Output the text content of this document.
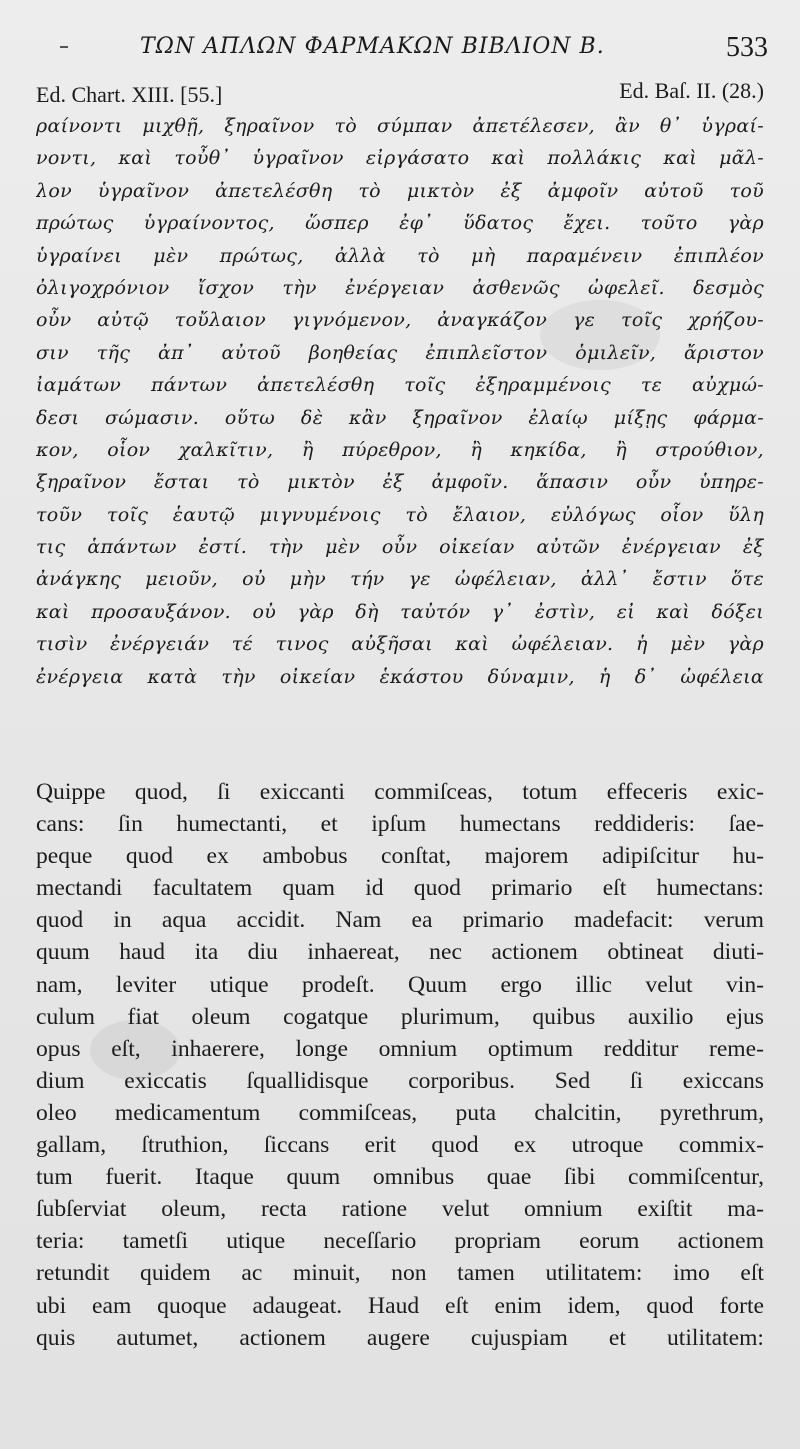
ΤΩΝ ΑΠΛΩΝ ΦΑΡΜΑΚΩΝ ΒΙΒΛΙΟΝ Β.	533
Ed. Chart. XIII. [55.]	Ed. Baſ. II. (28.)
ραίνοντι μιχθῇ, ξηραῖνον τὸ σύμπαν ἀπετέλεσεν, ἂν θ᾽ ὑγραί-
νοντι, καὶ τοὖθ᾽ ὑγραῖνον εἰργάσατο καὶ πολλάκις καὶ μᾶλ-
λον ὑγραῖνον ἀπετελέσθη τὸ μικτὸν ἐξ ἀμφοῖν αὐτοῦ τοῦ
πρώτως ὑγραίνοντος, ὥσπερ ἐφ᾽ ὕδατος ἔχει. τοῦτο γὰρ
ὑγραίνει μὲν πρώτως, ἀλλὰ τὸ μὴ παραμένειν ἐπιπλέον
ὀλιγοχρόνιον ἴσχον τὴν ἐνέργειαν ἀσθενῶς ὠφελεῖ. δεσμὸς
οὖν αὐτῷ τοὔλαιον γιγνόμενον, ἀναγκάζον γε τοῖς χρήζου-
σιν τῆς ἀπ᾽ αὐτοῦ βοηθείας ἐπιπλεῖστον ὁμιλεῖν, ἄριστον
ἰαμάτων πάντων ἀπετελέσθη τοῖς ἐξηραμμένοις τε αὐχμώ-
δεσι σώμασιν. οὕτω δὲ κἂν ξηραῖνον ἐλαίῳ μίξῃς φάρμα-
κον, οἷον χαλκῖτιν, ἢ πύρεθρον, ἢ κηκίδα, ἢ στρούθιον,
ξηραῖνον ἔσται τὸ μικτὸν ἐξ ἀμφοῖν. ἅπασιν οὖν ὑπηρε-
τοῦν τοῖς ἑαυτῷ μιγνυμένοις τὸ ἔλαιον, εὐλόγως οἷον ὕλη
τις ἁπάντων ἐστί. τὴν μὲν οὖν οἰκείαν αὐτῶν ἐνέργειαν ἐξ
ἀνάγκης μειοῦν, οὐ μὴν τήν γε ὠφέλειαν, ἀλλ᾽ ἔστιν ὅτε
καὶ προσαυξάνον. οὐ γὰρ δὴ ταὐτόν γ᾽ ἐστὶν, εἰ καὶ δόξει
τισὶν ἐνέργειάν τέ τινος αὐξῆσαι καὶ ὠφέλειαν. ἡ μὲν γὰρ
ἐνέργεια κατὰ τὴν οἰκείαν ἑκάστου δύναμιν, ἡ δ᾽ ὠφέλεια
Quippe quod, ſi exiccanti commiſceas, totum effeceris exic-
cans: ſin humectanti, et ipſum humectans reddideris: ſae-
peque quod ex ambobus conſtat, majorem adipiſcitur hu-
mectandi facultatem quam id quod primario eſt humectans:
quod in aqua accidit. Nam ea primario madefacit: verum
quum haud ita diu inhaereat, nec actionem obtineat diuti-
nam, leviter utique prodeſt. Quum ergo illic velut vin-
culum fiat oleum cogatque plurimum, quibus auxilio ejus
opus eſt, inhaerere, longe omnium optimum redditur reme-
dium exiccatis ſquallidisque corporibus. Sed ſi exiccans
oleo medicamentum commiſceas, puta chalcitin, pyrethrum,
gallam, ſtruthion, ſiccans erit quod ex utroque commix-
tum fuerit. Itaque quum omnibus quae ſibi commiſcentur,
ſubſerviat oleum, recta ratione velut omnium exiſtit ma-
teria: tametſi utique neceſſario propriam eorum actionem
retundit quidem ac minuit, non tamen utilitatem: imo eſt
ubi eam quoque adaugeat. Haud eſt enim idem, quod forte
quis autumet, actionem augere cujuspiam et utilitatem:
